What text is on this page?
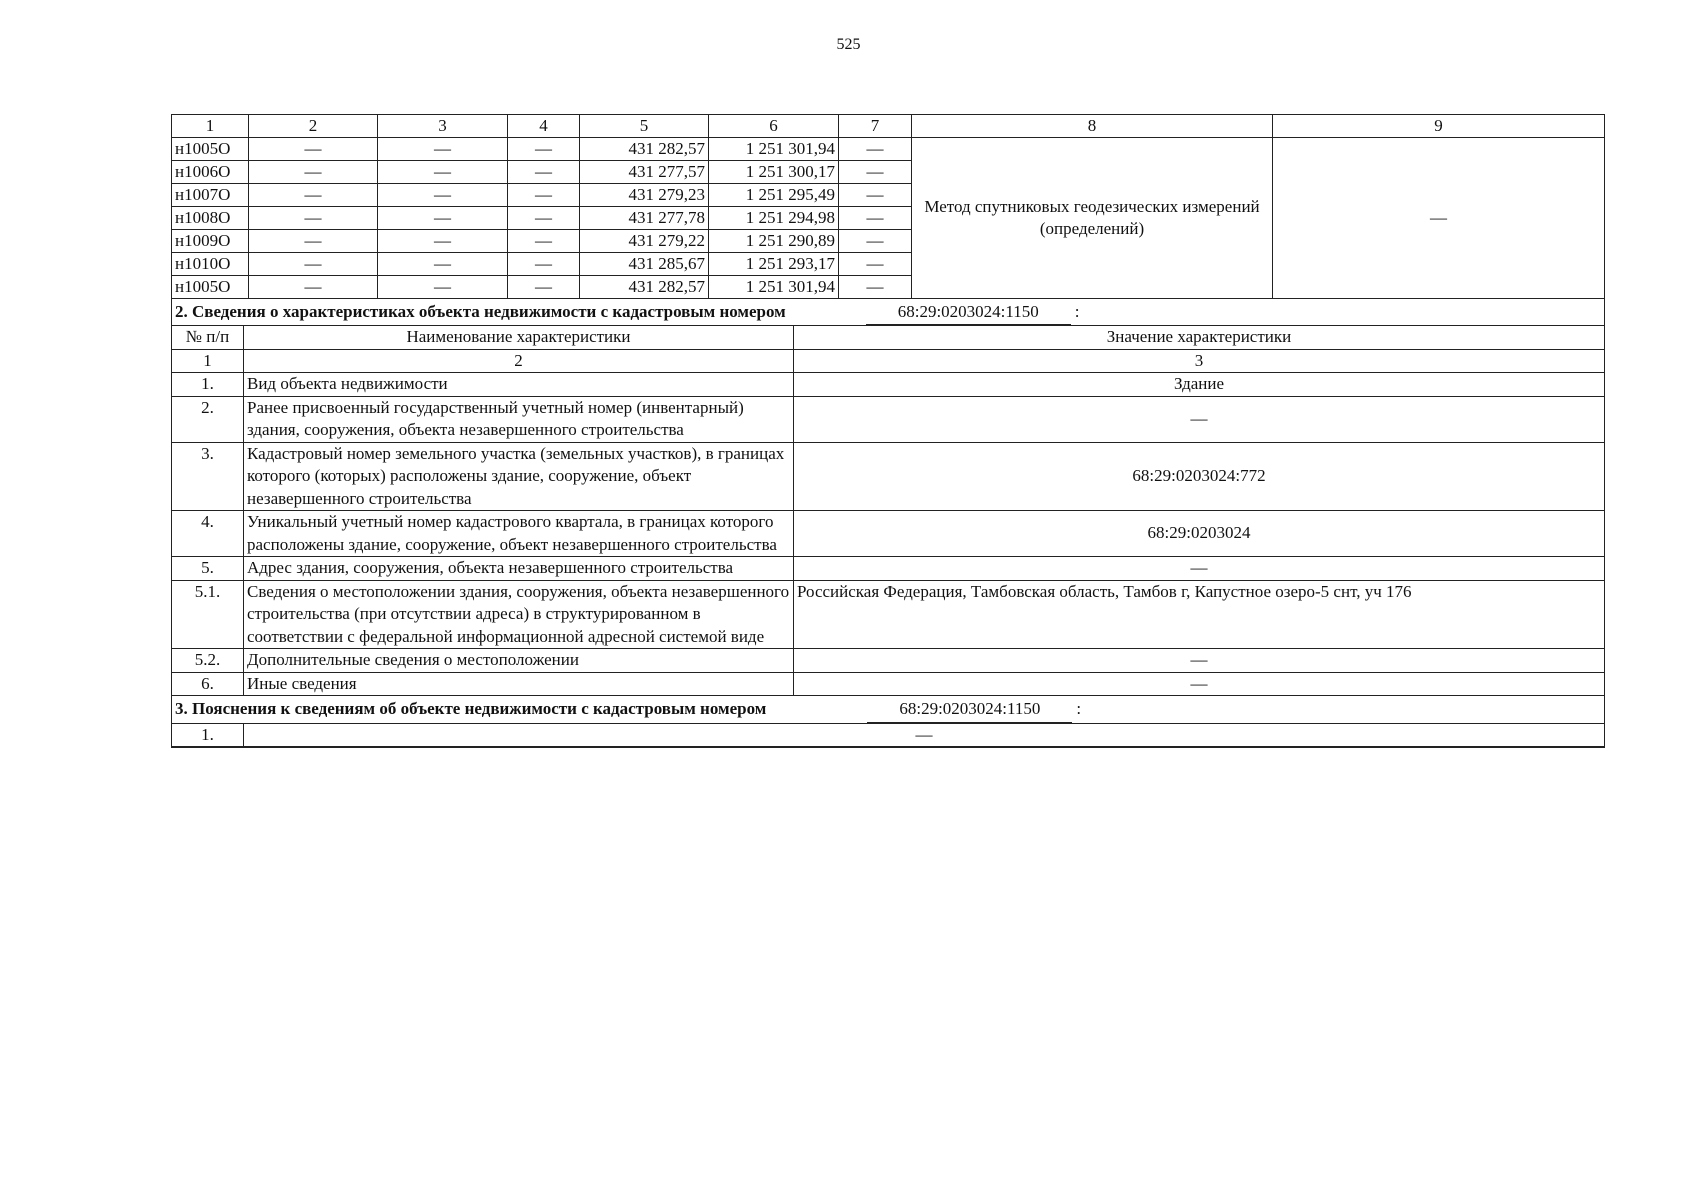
525
1	2	3	4	5	6	7	8	9
н1005О	—	—	—	431 282,57	1 251 301,94	—	Метод спутниковых геодезических измерений (определений)	—
н1006О	—	—	—	431 277,57	1 251 300,17	—		
н1007О	—	—	—	431 279,23	1 251 295,49	—		
н1008О	—	—	—	431 277,78	1 251 294,98	—		
н1009О	—	—	—	431 279,22	1 251 290,89	—		
н1010О	—	—	—	431 285,67	1 251 293,17	—		
н1005О	—	—	—	431 282,57	1 251 301,94	—		
2. Сведения о характеристиках объекта недвижимости с кадастровым номером 68:29:0203024:1150 :		
№ п/п	Наименование характеристики	Значение характеристики
1	2	3
1.	Вид объекта недвижимости	Здание
2.	Ранее присвоенный государственный учетный номер (инвентарный) здания, сооружения, объекта незавершенного строительства	—
3.	Кадастровый номер земельного участка (земельных участков), в границах которого (которых) расположены здание, сооружение, объект незавершенного строительства	68:29:0203024:772
4.	Уникальный учетный номер кадастрового квартала, в границах которого расположены здание, сооружение, объект незавершенного строительства	68:29:0203024
5.	Адрес здания, сооружения, объекта незавершенного строительства	—
5.1.	Сведения о местоположении здания, сооружения, объекта незавершенного строительства (при отсутствии адреса) в структурированном в соответствии с федеральной информационной адресной системой виде	Российская Федерация, Тамбовская область, Тамбов г, Капустное озеро-5 снт, уч 176
5.2.	Дополнительные сведения о местоположении	—
6.	Иные сведения	—
3. Пояснения к сведениям об объекте недвижимости с кадастровым номером	68:29:0203024:1150 :
1.	—
